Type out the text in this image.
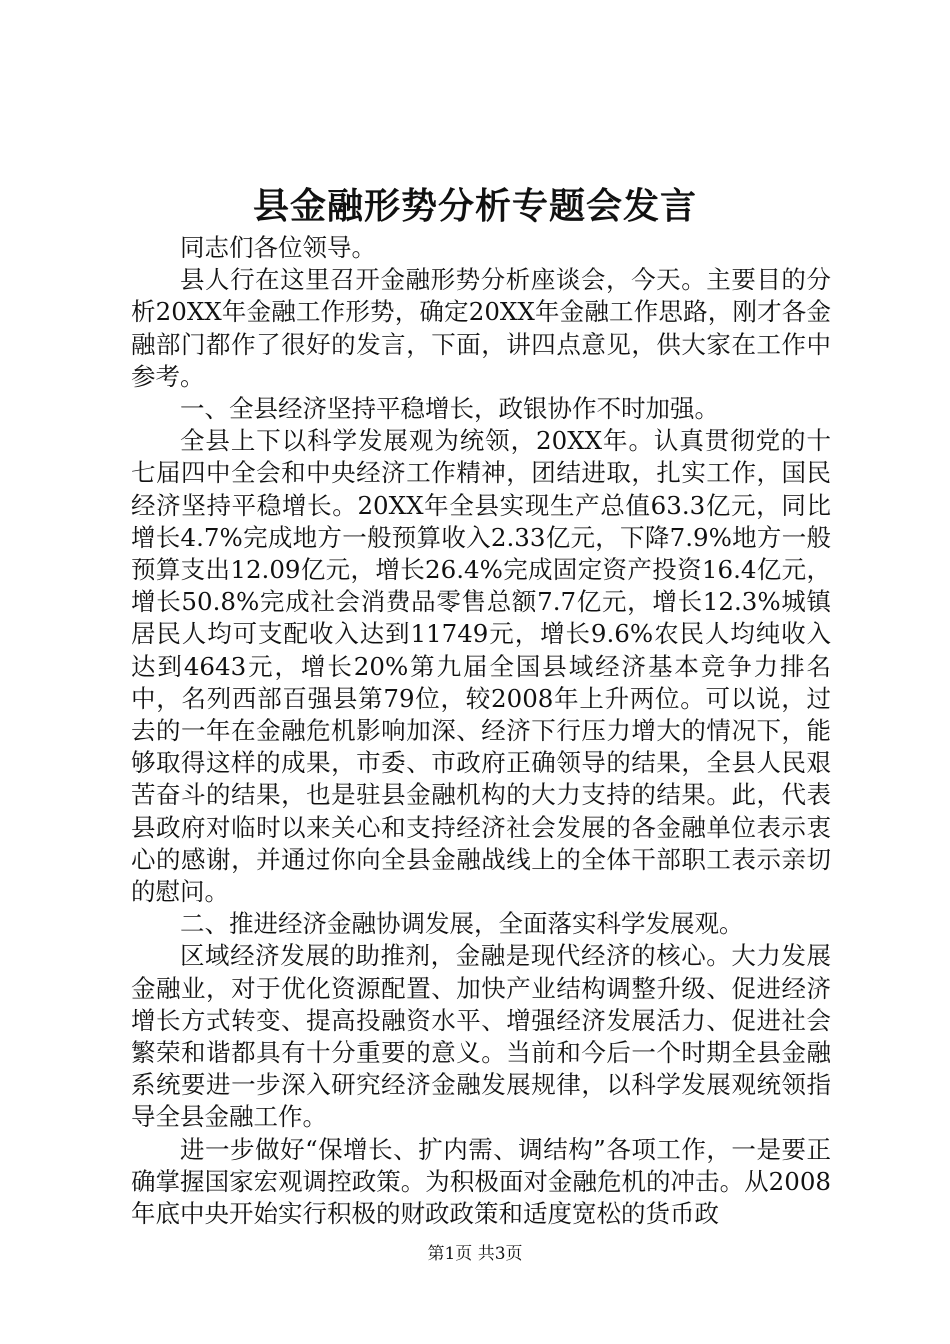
县金融形势分析专题会发言

同志们各位领导。

县人行在这里召开金融形势分析座谈会，今天。主要目的分析20XX年金融工作形势，确定20XX年金融工作思路，刚才各金融部门都作了很好的发言，下面，讲四点意见，供大家在工作中参考。

一、全县经济坚持平稳增长，政银协作不时加强。

全县上下以科学发展观为统领，20XX年。认真贯彻党的十七届四中全会和中央经济工作精神，团结进取，扎实工作，国民经济坚持平稳增长。20XX年全县实现生产总值63.3亿元，同比增长4.7%完成地方一般预算收入2.33亿元，下降7.9%地方一般预算支出12.09亿元，增长26.4%完成固定资产投资16.4亿元，增长50.8%完成社会消费品零售总额7.7亿元，增长12.3%城镇居民人均可支配收入达到11749元，增长9.6%农民人均纯收入达到4643元，增长20%第九届全国县域经济基本竞争力排名中，名列西部百强县第79位，较2008年上升两位。可以说，过去的一年在金融危机影响加深、经济下行压力增大的情况下，能够取得这样的成果，市委、市政府正确领导的结果，全县人民艰苦奋斗的结果，也是驻县金融机构的大力支持的结果。此，代表县政府对临时以来关心和支持经济社会发展的各金融单位表示衷心的感谢，并通过你向全县金融战线上的全体干部职工表示亲切的慰问。

二、推进经济金融协调发展，全面落实科学发展观。

区域经济发展的助推剂，金融是现代经济的核心。大力发展金融业，对于优化资源配置、加快产业结构调整升级、促进经济增长方式转变、提高投融资水平、增强经济发展活力、促进社会繁荣和谐都具有十分重要的意义。当前和今后一个时期全县金融系统要进一步深入研究经济金融发展规律，以科学发展观统领指导全县金融工作。

进一步做好“保增长、扩内需、调结构”各项工作，一是要正确掌握国家宏观调控政策。为积极面对金融危机的冲击。从2008年底中央开始实行积极的财政政策和适度宽松的货币政

第1页 共3页
